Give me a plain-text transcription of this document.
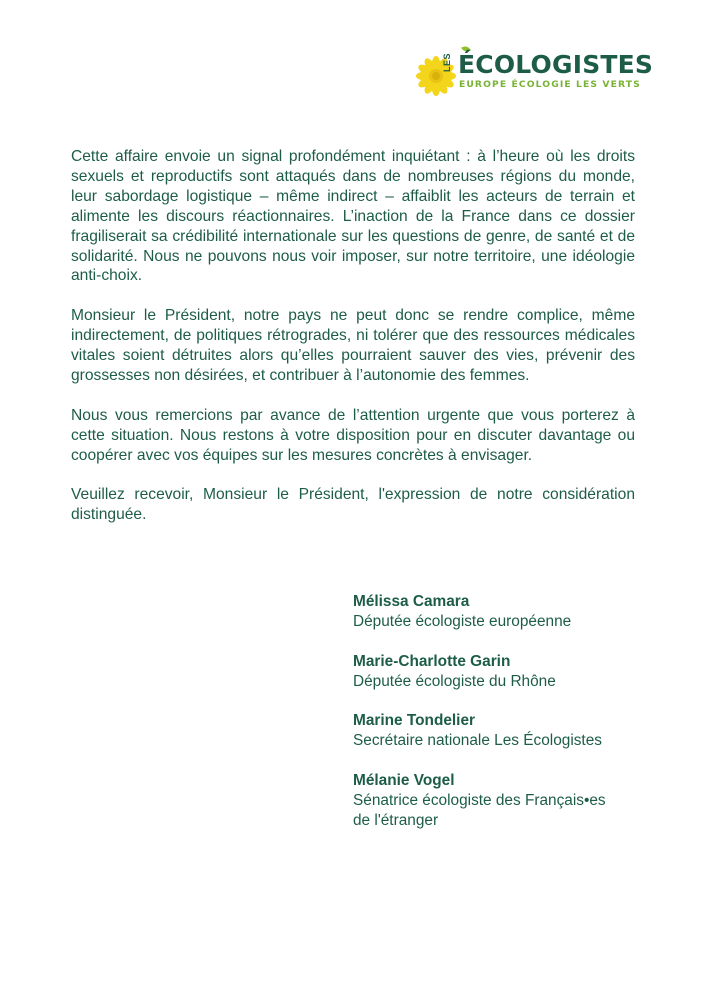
LES ÉCOLOGISTES
EUROPE ÉCOLOGIE LES VERTS

Cette affaire envoie un signal profondément inquiétant : à l’heure où les droits sexuels et reproductifs sont attaqués dans de nombreuses régions du monde, leur sabordage logistique – même indirect – affaiblit les acteurs de terrain et alimente les discours réactionnaires. L’inaction de la France dans ce dossier fragiliserait sa crédibilité internationale sur les questions de genre, de santé et de solidarité. Nous ne pouvons nous voir imposer, sur notre territoire, une idéologie anti-choix.

Monsieur le Président, notre pays ne peut donc se rendre complice, même indirectement, de politiques rétrogrades, ni tolérer que des ressources médicales vitales soient détruites alors qu’elles pourraient sauver des vies, prévenir des grossesses non désirées, et contribuer à l’autonomie des femmes.

Nous vous remercions par avance de l’attention urgente que vous porterez à cette situation. Nous restons à votre disposition pour en discuter davantage ou coopérer avec vos équipes sur les mesures concrètes à envisager.

Veuillez recevoir, Monsieur le Président, l'expression de notre considération distinguée.

Mélissa Camara
Députée écologiste européenne
Marie-Charlotte Garin
Députée écologiste du Rhône
Marine Tondelier
Secrétaire nationale Les Écologistes
Mélanie Vogel
Sénatrice écologiste des Français•es de l'étranger
